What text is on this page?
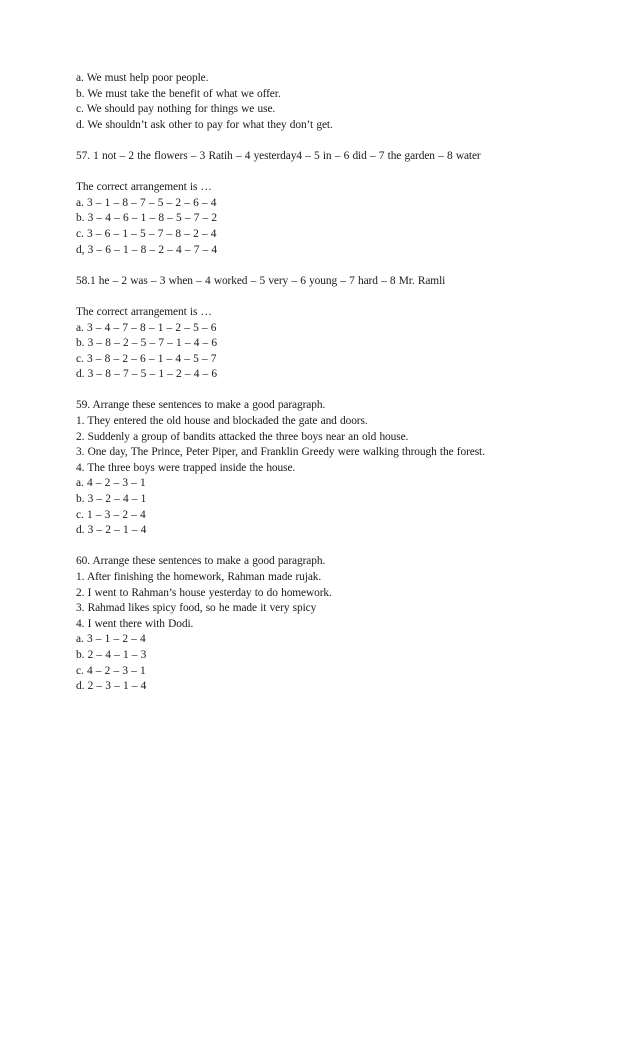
a. We must help poor people.
b. We must take the benefit of what we offer.
c. We should pay nothing for things we use.
d. We shouldn’t ask other to pay for what they don’t get.
57. 1 not – 2 the flowers – 3 Ratih – 4 yesterday4 – 5 in – 6 did – 7 the garden – 8 water
The correct arrangement is …
a. 3 – 1 – 8 – 7 – 5 – 2 – 6 – 4
b. 3 – 4 – 6 – 1 – 8 – 5 – 7 – 2
c. 3 – 6 – 1 – 5 – 7 – 8 – 2 – 4
d, 3 – 6 – 1 – 8 – 2 – 4 – 7 – 4
58.1 he – 2 was – 3 when – 4 worked – 5 very – 6 young – 7 hard – 8 Mr. Ramli
The correct arrangement is …
a. 3 – 4 – 7 – 8 – 1 – 2 – 5 – 6
b. 3 – 8 – 2 – 5 – 7 – 1 – 4 – 6
c. 3 – 8 – 2 – 6 – 1 – 4 – 5 – 7
d. 3 – 8 – 7 – 5 – 1 – 2 – 4 – 6
59. Arrange these sentences to make a good paragraph.
1. They entered the old house and blockaded the gate and doors.
2. Suddenly a group of bandits attacked the three boys near an old house.
3. One day, The Prince, Peter Piper, and Franklin Greedy were walking through the forest.
4. The three boys were trapped inside the house.
a. 4 – 2 – 3 – 1
b. 3 – 2 – 4 – 1
c. 1 – 3 – 2 – 4
d. 3 – 2 – 1 – 4
60. Arrange these sentences to make a good paragraph.
1. After finishing the homework, Rahman made rujak.
2. I went to Rahman’s house yesterday to do homework.
3. Rahmad likes spicy food, so he made it very spicy
4. I went there with Dodi.
a. 3 – 1 – 2 – 4
b. 2 – 4 – 1 – 3
c. 4 – 2 – 3 – 1
d. 2 – 3 – 1 – 4
